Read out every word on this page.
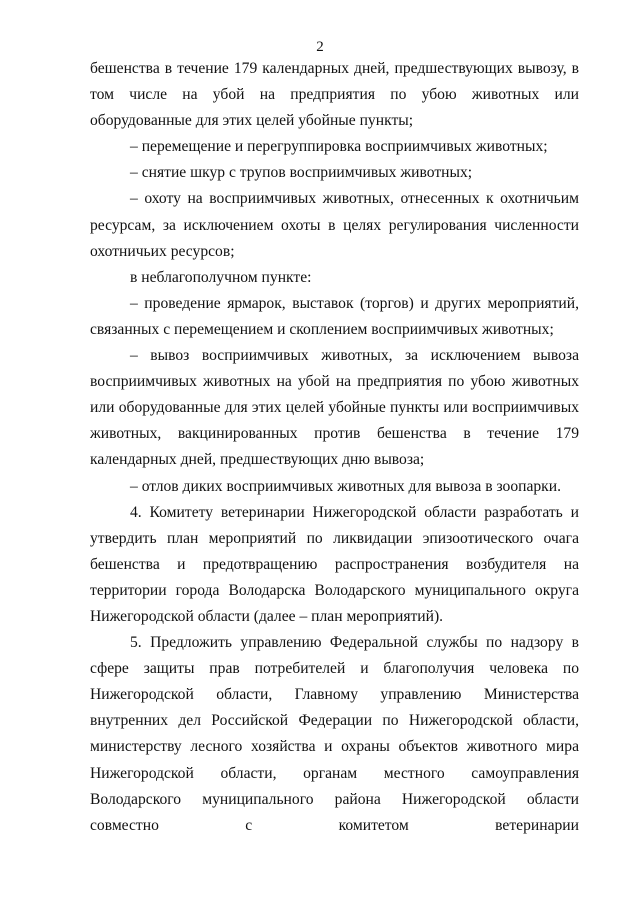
2

бешенства в течение 179 календарных дней, предшествующих вывозу, в том числе на убой на предприятия по убою животных или оборудованные для этих целей убойные пункты;

– перемещение и перегруппировка восприимчивых животных;

– снятие шкур с трупов восприимчивых животных;

– охоту на восприимчивых животных, отнесенных к охотничьим ресурсам, за исключением охоты в целях регулирования численности охотничьих ресурсов;

в неблагополучном пункте:

– проведение ярмарок, выставок (торгов) и других мероприятий, связанных с перемещением и скоплением восприимчивых животных;

– вывоз восприимчивых животных, за исключением вывоза восприимчивых животных на убой на предприятия по убою животных или оборудованные для этих целей убойные пункты или восприимчивых животных, вакцинированных против бешенства в течение 179 календарных дней, предшествующих дню вывоза;

– отлов диких восприимчивых животных для вывоза в зоопарки.

4. Комитету ветеринарии Нижегородской области разработать и утвердить план мероприятий по ликвидации эпизоотического очага бешенства и предотвращению распространения возбудителя на территории города Володарска Володарского муниципального округа Нижегородской области (далее – план мероприятий).

5. Предложить управлению Федеральной службы по надзору в сфере защиты прав потребителей и благополучия человека по Нижегородской области, Главному управлению Министерства внутренних дел Российской Федерации по Нижегородской области, министерству лесного хозяйства и охраны объектов животного мира Нижегородской области, органам местного самоуправления Володарского муниципального района Нижегородской области совместно с комитетом ветеринарии
